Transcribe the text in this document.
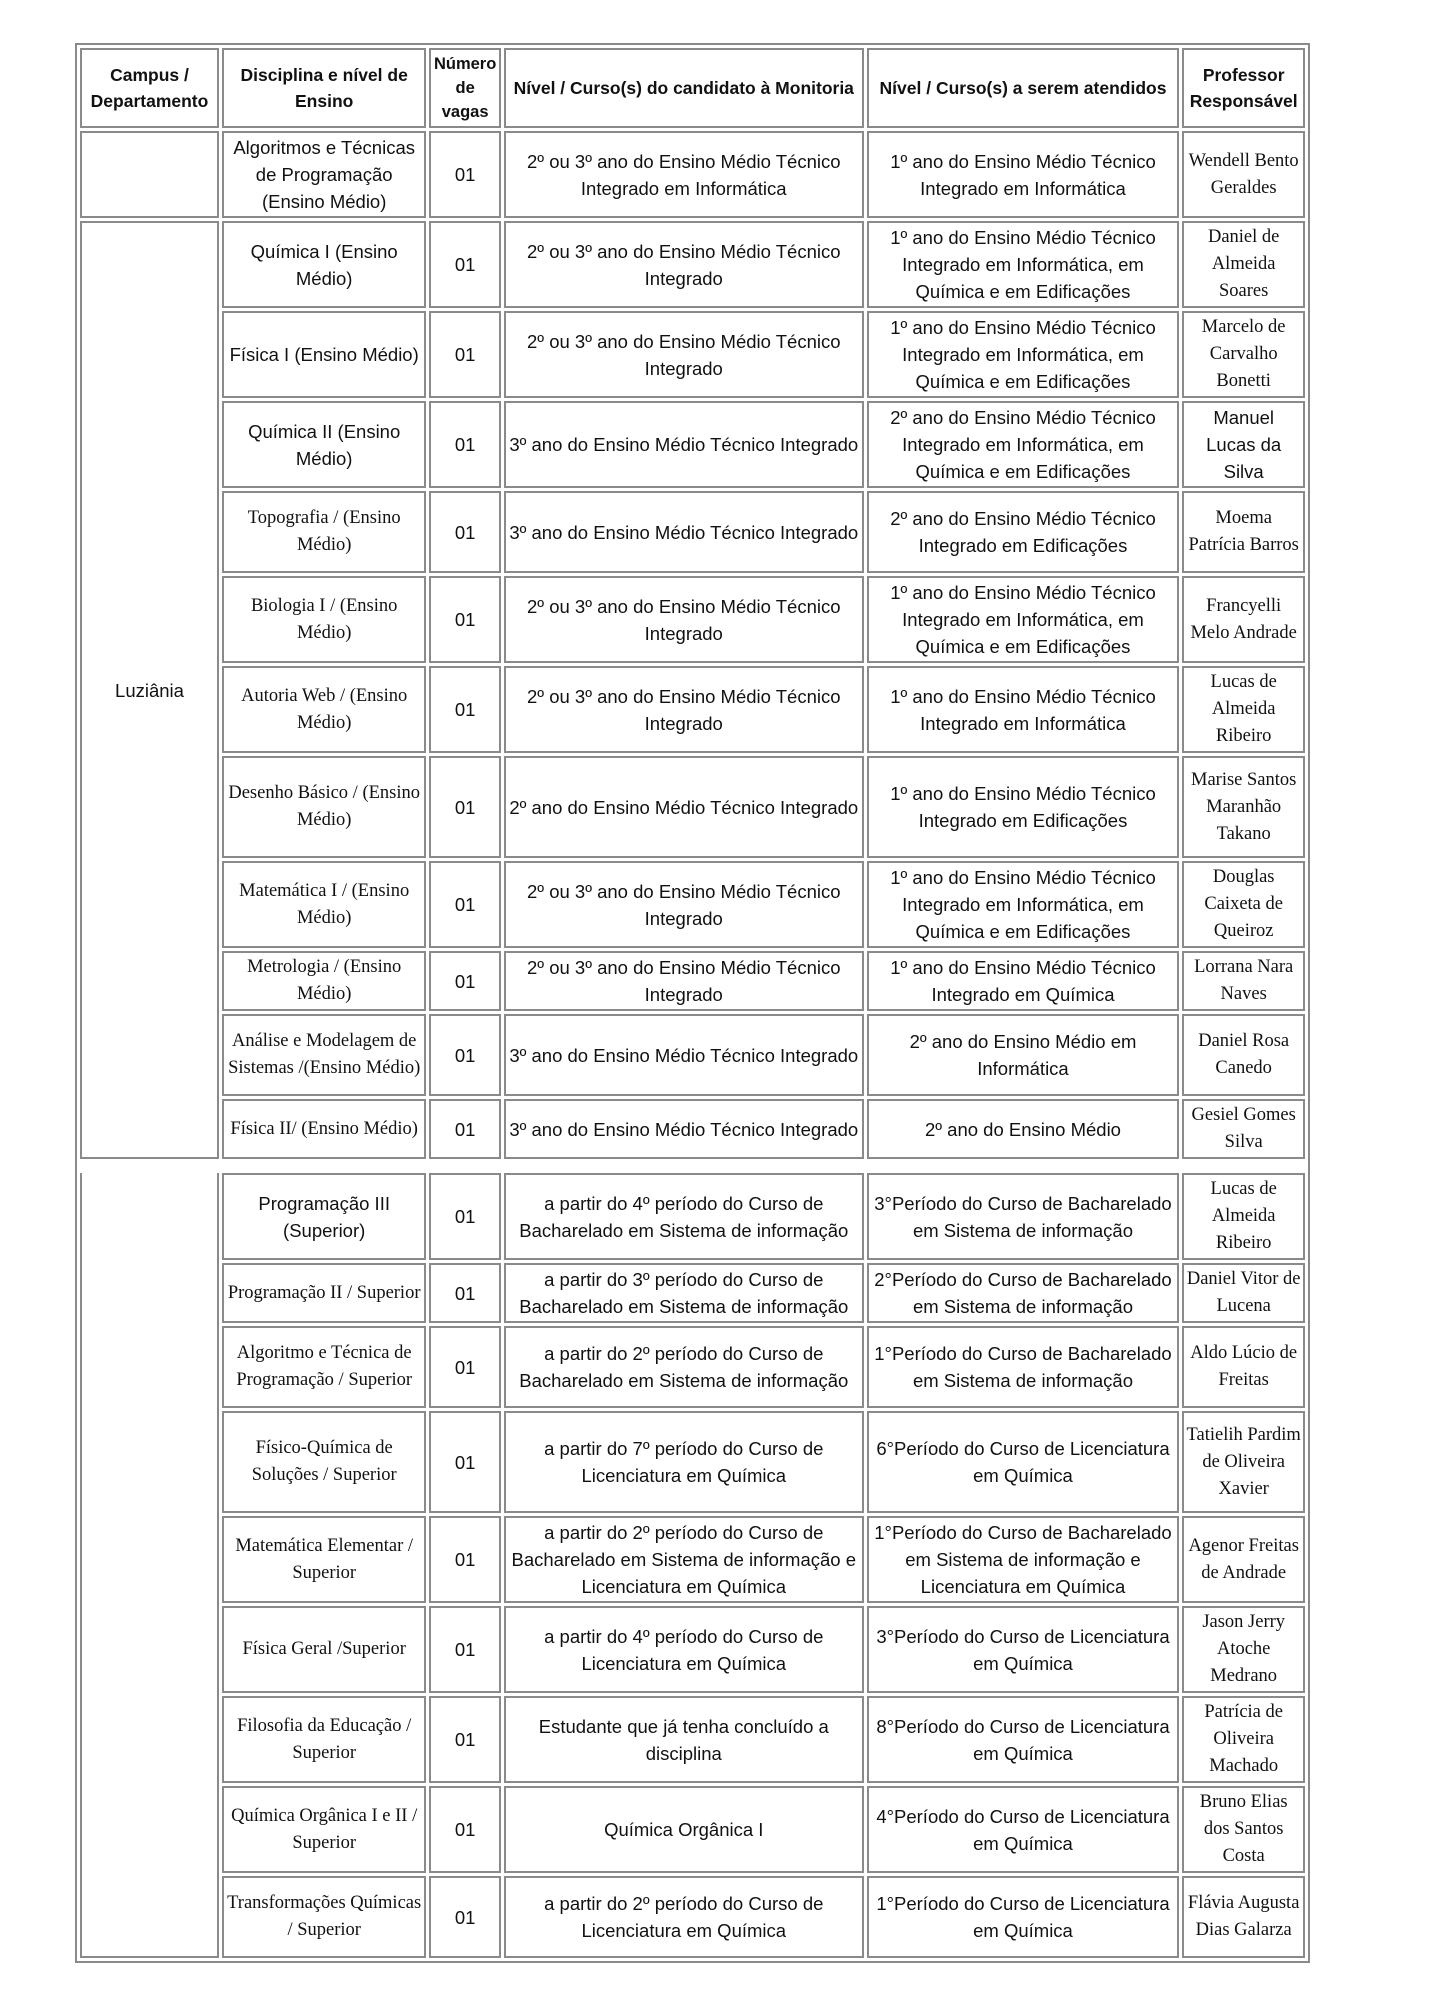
Campus / Departamento	Disciplina e nível de Ensino	Número de vagas	Nível / Curso(s) do candidato à Monitoria	Nível / Curso(s) a serem atendidos	Professor Responsável
	Algoritmos e Técnicas de Programação (Ensino Médio)	01	2º ou 3º ano do Ensino Médio Técnico Integrado em Informática	1º ano do Ensino Médio Técnico Integrado em Informática	Wendell Bento Geraldes
Luziânia	Química I (Ensino Médio)	01	2º ou 3º ano do Ensino Médio Técnico Integrado	1º ano do Ensino Médio Técnico Integrado em Informática, em Química e em Edificações	Daniel de Almeida Soares
	Física I (Ensino Médio)	01	2º ou 3º ano do Ensino Médio Técnico Integrado	1º ano do Ensino Médio Técnico Integrado em Informática, em Química e em Edificações	Marcelo de Carvalho Bonetti
	Química II (Ensino Médio)	01	3º ano do Ensino Médio Técnico Integrado	2º ano do Ensino Médio Técnico Integrado em Informática, em Química e em Edificações	Manuel Lucas da Silva
	Topografia / (Ensino Médio)	01	3º ano do Ensino Médio Técnico Integrado	2º ano do Ensino Médio Técnico Integrado em Edificações	Moema Patrícia Barros
	Biologia I / (Ensino Médio)	01	2º ou 3º ano do Ensino Médio Técnico Integrado	1º ano do Ensino Médio Técnico Integrado em Informática, em Química e em Edificações	Francyelli Melo Andrade
	Autoria Web / (Ensino Médio)	01	2º ou 3º ano do Ensino Médio Técnico Integrado	1º ano do Ensino Médio Técnico Integrado em Informática	Lucas de Almeida Ribeiro
	Desenho Básico / (Ensino Médio)	01	2º ano do Ensino Médio Técnico Integrado	1º ano do Ensino Médio Técnico Integrado em Edificações	Marise Santos Maranhão Takano
	Matemática I / (Ensino Médio)	01	2º ou 3º ano do Ensino Médio Técnico Integrado	1º ano do Ensino Médio Técnico Integrado em Informática, em Química e em Edificações	Douglas Caixeta de Queiroz
	Metrologia / (Ensino Médio)	01	2º ou 3º ano do Ensino Médio Técnico Integrado	1º ano do Ensino Médio Técnico Integrado em Química	Lorrana Nara Naves
	Análise e Modelagem de Sistemas /(Ensino Médio)	01	3º ano do Ensino Médio Técnico Integrado	2º ano do Ensino Médio em Informática	Daniel Rosa Canedo
	Física II/ (Ensino Médio)	01	3º ano do Ensino Médio Técnico Integrado	2º ano do Ensino Médio	Gesiel Gomes Silva

	Programação III (Superior)	01	a partir do 4º período do Curso de Bacharelado em Sistema de informação	3°Período do Curso de Bacharelado em Sistema de informação	Lucas de Almeida Ribeiro
	Programação II / Superior	01	a partir do 3º período do Curso de Bacharelado em Sistema de informação	2°Período do Curso de Bacharelado em Sistema de informação	Daniel Vitor de Lucena
	Algoritmo e Técnica de Programação / Superior	01	a partir do 2º período do Curso de Bacharelado em Sistema de informação	1°Período do Curso de Bacharelado em Sistema de informação	Aldo Lúcio de Freitas
	Físico-Química de Soluções / Superior	01	a partir do 7º período do Curso de Licenciatura em Química	6°Período do Curso de Licenciatura em Química	Tatielih Pardim de Oliveira Xavier
	Matemática Elementar / Superior	01	a partir do 2º período do Curso de Bacharelado em Sistema de informação e Licenciatura em Química	1°Período do Curso de Bacharelado em Sistema de informação e Licenciatura em Química	Agenor Freitas de Andrade
	Física Geral /Superior	01	a partir do 4º período do Curso de Licenciatura em Química	3°Período do Curso de Licenciatura em Química	Jason Jerry Atoche Medrano
	Filosofia da Educação / Superior	01	Estudante que já tenha concluído a disciplina	8°Período do Curso de Licenciatura em Química	Patrícia de Oliveira Machado
	Química Orgânica I e II / Superior	01	Química Orgânica I	4°Período do Curso de Licenciatura em Química	Bruno Elias dos Santos Costa
	Transformações Químicas / Superior	01	a partir do 2º período do Curso de Licenciatura em Química	1°Período do Curso de Licenciatura em Química	Flávia Augusta Dias Galarza
